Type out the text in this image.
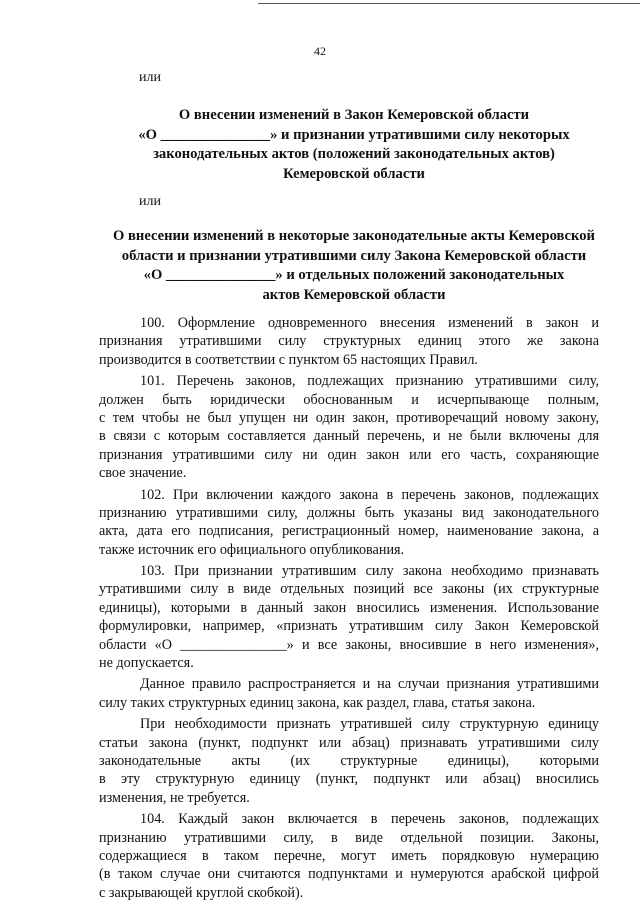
42
или
О внесении изменений в Закон Кемеровской области
«О _______________» и признании утратившими силу некоторых
законодательных актов (положений законодательных актов)
Кемеровской области
или
О внесении изменений в некоторые законодательные акты Кемеровской
области и признании утратившими силу Закона Кемеровской области
«О _______________» и отдельных положений законодательных
актов Кемеровской области
100. Оформление одновременного внесения изменений в закон и
признания утратившими силу структурных единиц этого же закона
производится в соответствии с пунктом 65 настоящих Правил.
101. Перечень законов, подлежащих признанию утратившими силу,
должен быть юридически обоснованным и исчерпывающе полным,
с тем чтобы не был упущен ни один закон, противоречащий новому закону,
в связи с которым составляется данный перечень, и не были включены для
признания утратившими силу ни один закон или его часть, сохраняющие
свое значение.
102. При включении каждого закона в перечень законов, подлежащих
признанию утратившими силу, должны быть указаны вид законодательного
акта, дата его подписания, регистрационный номер, наименование закона, а
также источник его официального опубликования.
103. При признании утратившим силу закона необходимо признавать
утратившими силу в виде отдельных позиций все законы (их структурные
единицы), которыми в данный закон вносились изменения. Использование
формулировки, например, «признать утратившим силу Закон Кемеровской
области «О _______________» и все законы, вносившие в него изменения»,
не допускается.
Данное правило распространяется и на случаи признания утратившими
силу таких структурных единиц закона, как раздел, глава, статья закона.
При необходимости признать утратившей силу структурную единицу
статьи закона (пункт, подпункт или абзац) признавать утратившими силу
законодательные акты (их структурные единицы), которыми
в эту структурную единицу (пункт, подпункт или абзац) вносились
изменения, не требуется.
104. Каждый закон включается в перечень законов, подлежащих
признанию утратившими силу, в виде отдельной позиции. Законы,
содержащиеся в таком перечне, могут иметь порядковую нумерацию
(в таком случае они считаются подпунктами и нумеруются арабской цифрой
с закрывающей круглой скобкой).
